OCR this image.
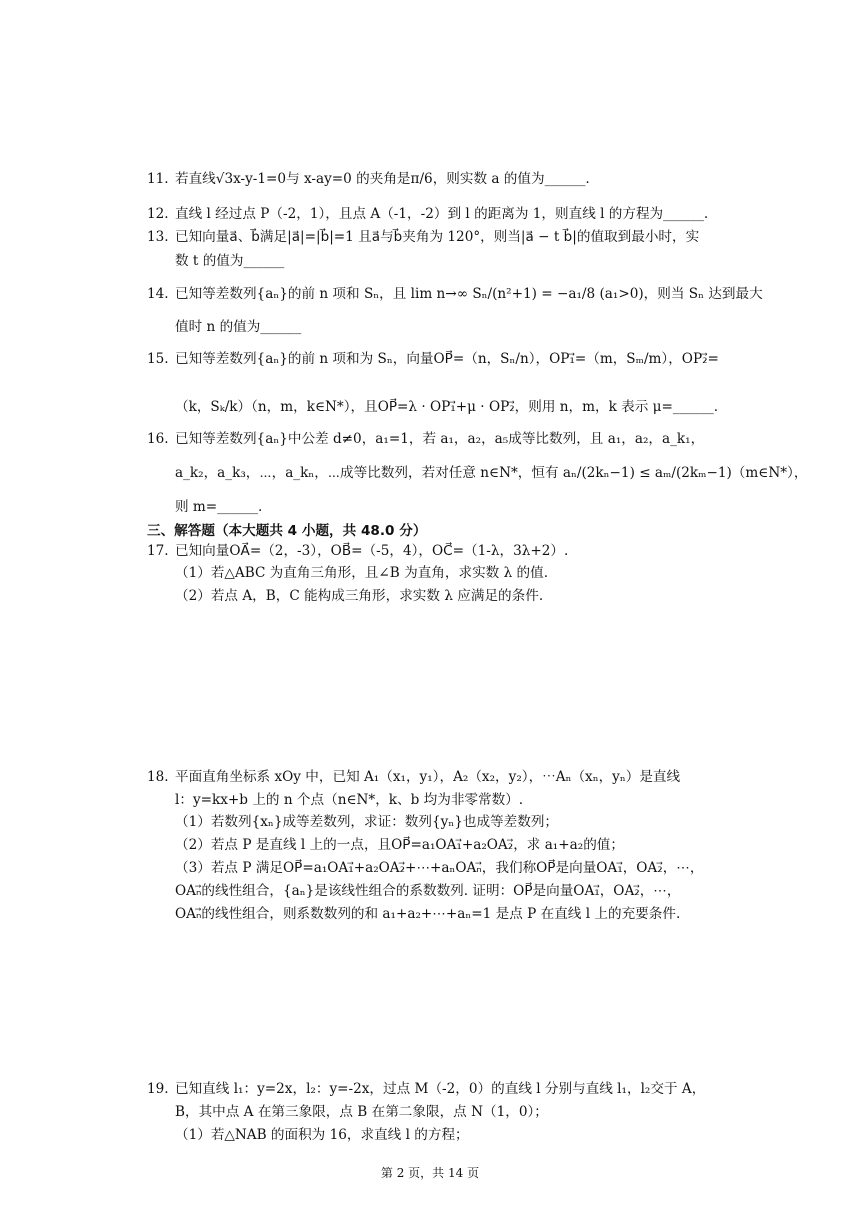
11. 若直线√3x-y-1=0与 x-ay=0 的夹角是π/6，则实数 a 的值为______.
12. 直线 l 经过点 P（-2，1），且点 A（-1，-2）到 l 的距离为 1，则直线 l 的方程为______.
13. 已知向量a⃗、b⃗满足|a⃗|=|b⃗|=1 且a⃗与b⃗夹角为 120°，则当|a⃗ − t b⃗|的值取到最小时，实
数 t 的值为______
14. 已知等差数列{aₙ}的前 n 项和 Sₙ，且 lim n→∞ Sₙ/(n²+1) = −a₁/8 (a₁>0)，则当 Sₙ 达到最大
值时 n 的值为______
15. 已知等差数列{aₙ}的前 n 项和为 Sₙ，向量OP⃗=（n，Sₙ/n），OP₁⃗=（m，Sₘ/m），OP₂⃗=
（k，Sₖ/k）（n，m，k∈N*），且OP⃗=λ · OP₁⃗+μ · OP₂⃗，则用 n，m，k 表示 μ=______.
16. 已知等差数列{aₙ}中公差 d≠0，a₁=1，若 a₁，a₂，a₅成等比数列，且 a₁，a₂，a_k₁，
a_k₂，a_k₃，⋯，a_kₙ，⋯成等比数列，若对任意 n∈N*，恒有 aₙ/(2kₙ−1) ≤ aₘ/(2kₘ−1)（m∈N*），
则 m=______.
三、解答题（本大题共 4 小题，共 48.0 分）
17. 已知向量OA⃗=（2，-3），OB⃗=（-5，4），OC⃗=（1-λ，3λ+2）.
（1）若△ABC 为直角三角形，且∠B 为直角，求实数 λ 的值.
（2）若点 A，B，C 能构成三角形，求实数 λ 应满足的条件.
18. 平面直角坐标系 xOy 中，已知 A₁（x₁，y₁），A₂（x₂，y₂），⋯Aₙ（xₙ，yₙ）是直线
l：y=kx+b 上的 n 个点（n∈N*，k、b 均为非零常数）.
（1）若数列{xₙ}成等差数列，求证：数列{yₙ}也成等差数列；
（2）若点 P 是直线 l 上的一点，且OP⃗=a₁OA₁⃗+a₂OA₂⃗，求 a₁+a₂的值；
（3）若点 P 满足OP⃗=a₁OA₁⃗+a₂OA₂⃗+⋯+aₙOAₙ⃗，我们称OP⃗是向量OA₁⃗，OA₂⃗，⋯，
OAₙ⃗的线性组合，{aₙ}是该线性组合的系数数列. 证明：OP⃗是向量OA₁⃗，OA₂⃗，⋯，
OAₙ⃗的线性组合，则系数数列的和 a₁+a₂+⋯+aₙ=1 是点 P 在直线 l 上的充要条件.
19. 已知直线 l₁：y=2x，l₂：y=-2x，过点 M（-2，0）的直线 l 分别与直线 l₁，l₂交于 A，
B，其中点 A 在第三象限，点 B 在第二象限，点 N（1，0）；
（1）若△NAB 的面积为 16，求直线 l 的方程；
第 2 页，共 14 页
